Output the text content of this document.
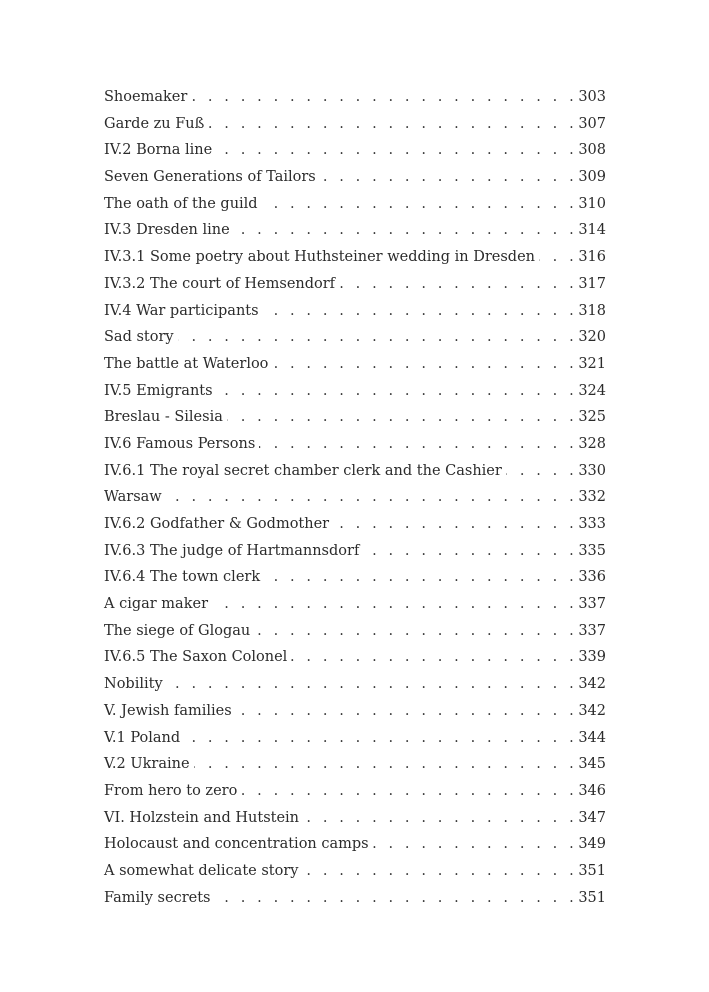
Shoemaker . . .	303
Garde zu Fuß . . .	307
IV.2 Borna line . . .	308
Seven Generations of Tailors . . .	309
The oath of the guild . . .	310
IV.3 Dresden line . . .	314
IV.3.1 Some poetry about Huthsteiner wedding in Dresden . . .	316
IV.3.2 The court of Hemsendorf . . .	317
IV.4 War participants . . .	318
Sad story . . .	320
The battle at Waterloo . . .	321
IV.5 Emigrants . . .	324
Breslau - Silesia . . .	325
IV.6 Famous Persons . . .	328
IV.6.1 The royal secret chamber clerk and the Cashier . . .	330
Warsaw . . .	332
IV.6.2 Godfather & Godmother . . .	333
IV.6.3 The judge of Hartmannsdorf . . .	335
IV.6.4 The town clerk . . .	336
A cigar maker . . .	337
The siege of Glogau . . .	337
IV.6.5 The Saxon Colonel . . .	339
Nobility . . .	342
V. Jewish families . . .	342
V.1 Poland . . .	344
V.2 Ukraine . . .	345
From hero to zero . . .	346
VI. Holzstein and Hutstein . . .	347
Holocaust and concentration camps . . .	349
A somewhat delicate story . . .	351
Family secrets . . .	351
